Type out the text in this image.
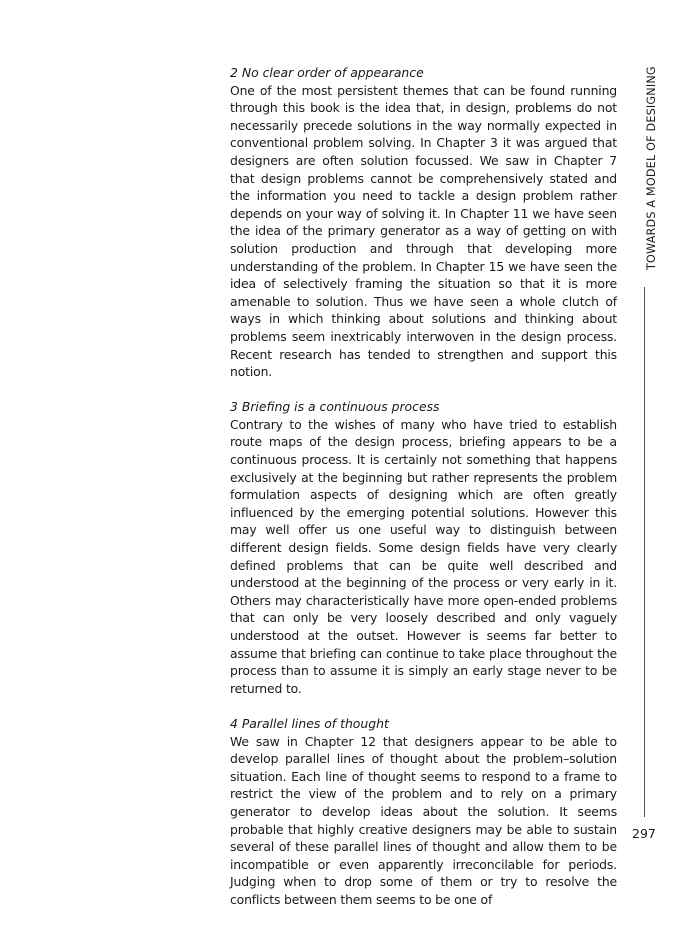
2 No clear order of appearance

One of the most persistent themes that can be found running through this book is the idea that, in design, problems do not necessarily precede solutions in the way normally expected in conventional problem solving. In Chapter 3 it was argued that designers are often solution focussed. We saw in Chapter 7 that design problems cannot be comprehensively stated and the information you need to tackle a design problem rather depends on your way of solving it. In Chapter 11 we have seen the idea of the primary generator as a way of getting on with solution production and through that developing more understanding of the problem. In Chapter 15 we have seen the idea of selectively framing the situation so that it is more amenable to solution. Thus we have seen a whole clutch of ways in which thinking about solutions and thinking about problems seem inextricably interwoven in the design process. Recent research has tended to strengthen and support this notion.

3 Briefing is a continuous process

Contrary to the wishes of many who have tried to establish route maps of the design process, briefing appears to be a continuous process. It is certainly not something that happens exclusively at the beginning but rather represents the problem formulation aspects of designing which are often greatly influenced by the emerging potential solutions. However this may well offer us one useful way to distinguish between different design fields. Some design fields have very clearly defined problems that can be quite well described and understood at the beginning of the process or very early in it. Others may characteristically have more open-ended problems that can only be very loosely described and only vaguely understood at the outset. However is seems far better to assume that briefing can continue to take place throughout the process than to assume it is simply an early stage never to be returned to.

4 Parallel lines of thought

We saw in Chapter 12 that designers appear to be able to develop parallel lines of thought about the problem–solution situation. Each line of thought seems to respond to a frame to restrict the view of the problem and to rely on a primary generator to develop ideas about the solution. It seems probable that highly creative designers may be able to sustain several of these parallel lines of thought and allow them to be incompatible or even apparently irreconcilable for periods. Judging when to drop some of them or try to resolve the conflicts between them seems to be one of

TOWARDS A MODEL OF DESIGNING
297
